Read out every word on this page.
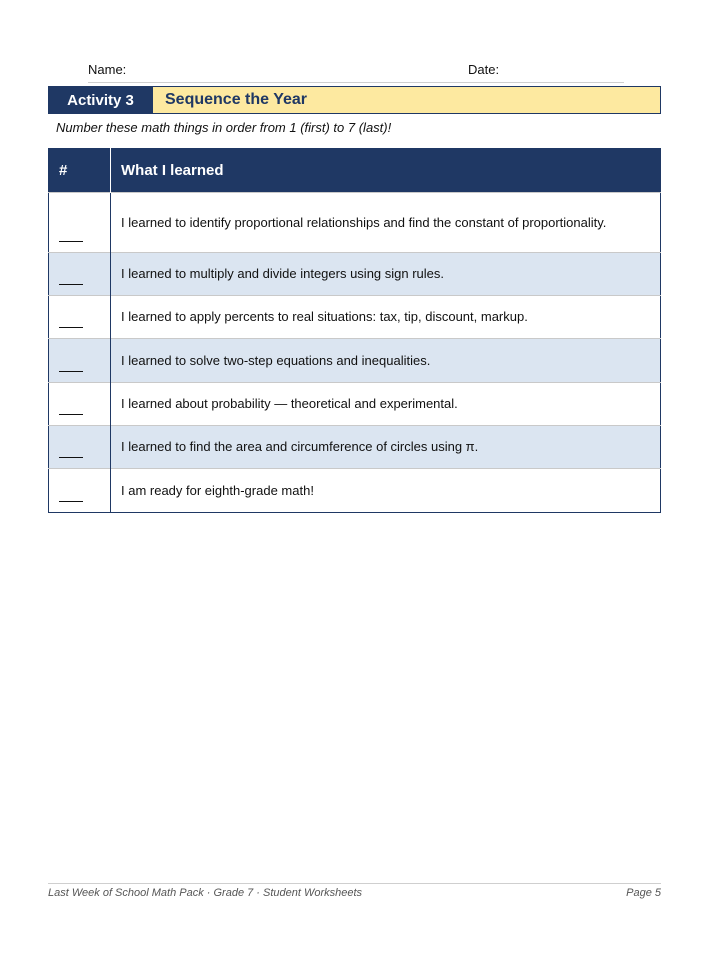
Name:	Date:
Activity 3	Sequence the Year
Number these math things in order from 1 (first) to 7 (last)!
#	What I learned

	I learned to identify proportional relationships and find the constant of proportionality.

	I learned to multiply and divide integers using sign rules.

	I learned to apply percents to real situations: tax, tip, discount, markup.

	I learned to solve two-step equations and inequalities.

	I learned about probability — theoretical and experimental.

	I learned to find the area and circumference of circles using π.

	I am ready for eighth-grade math!
Last Week of School Math Pack · Grade 7 · Student Worksheets	Page 5
